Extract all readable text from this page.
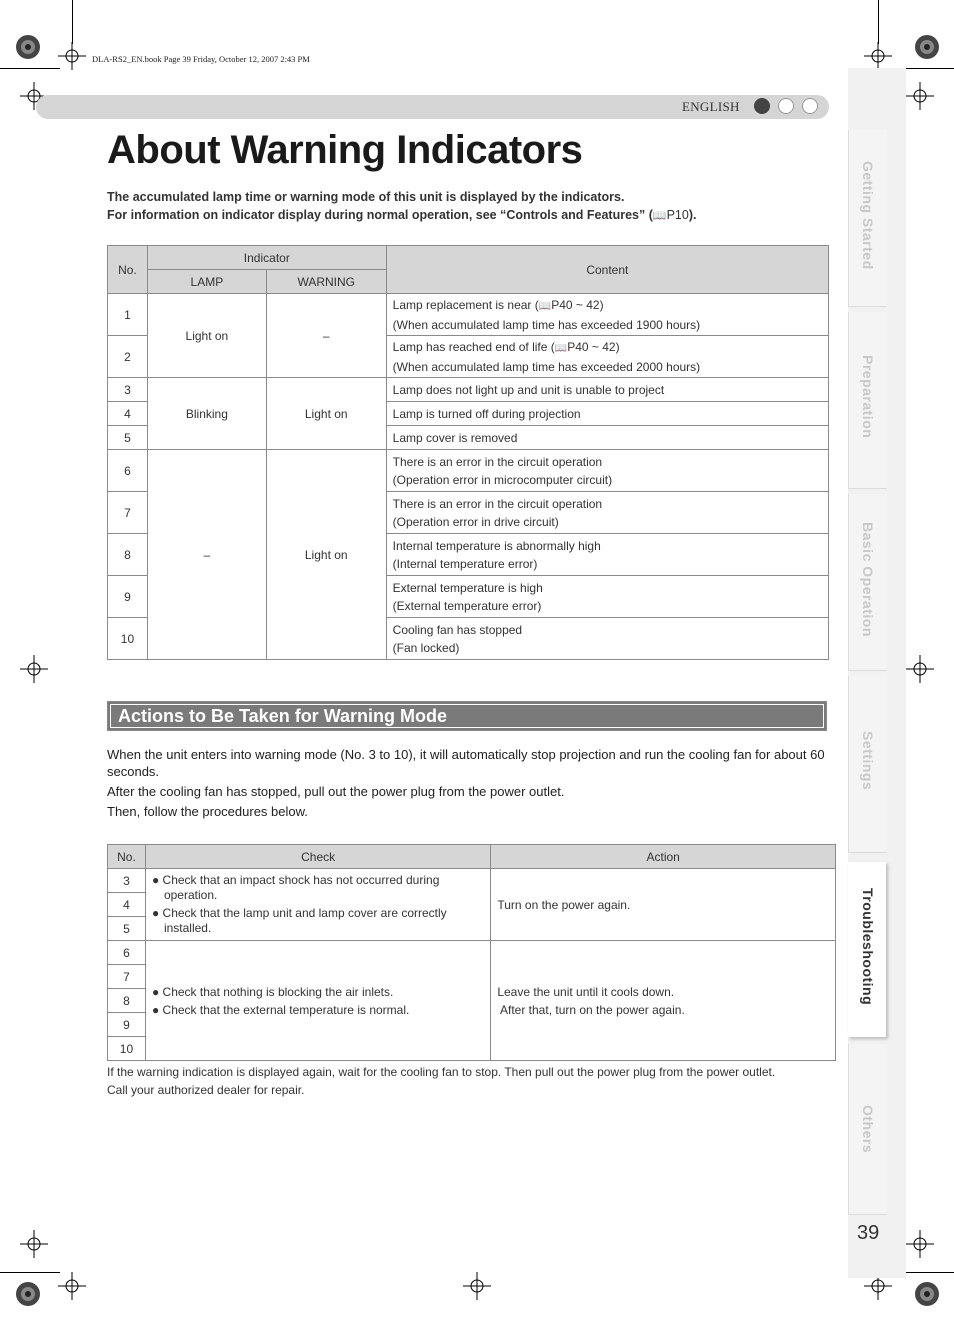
DLA-RS2_EN.book Page 39 Friday, October 12, 2007 2:43 PM
ENGLISH
About Warning Indicators
The accumulated lamp time or warning mode of this unit is displayed by the indicators.
For information on indicator display during normal operation, see “Controls and Features” (📖P10).
No.	Indicator		Content
	LAMP	WARNING	
1	Light on	–	Lamp replacement is near (📖P40 ~ 42)
(When accumulated lamp time has exceeded 1900 hours)
2			Lamp has reached end of life (📖P40 ~ 42)
(When accumulated lamp time has exceeded 2000 hours)
3	Blinking	Light on	Lamp does not light up and unit is unable to project
4			Lamp is turned off during projection
5			Lamp cover is removed
6	–	Light on	There is an error in the circuit operation
(Operation error in microcomputer circuit)
7			There is an error in the circuit operation
(Operation error in drive circuit)
8			Internal temperature is abnormally high
(Internal temperature error)
9			External temperature is high
(External temperature error)
10			Cooling fan has stopped
(Fan locked)
Actions to Be Taken for Warning Mode
When the unit enters into warning mode (No. 3 to 10), it will automatically stop projection and run the cooling fan for about 60 seconds.
After the cooling fan has stopped, pull out the power plug from the power outlet.
Then, follow the procedures below.
No.	Check	Action
3	● Check that an impact shock has not occurred during operation.
● Check that the lamp unit and lamp cover are correctly installed.	Turn on the power again.
4		
5		
6	● Check that nothing is blocking the air inlets.
● Check that the external temperature is normal.	Leave the unit until it cools down.
After that, turn on the power again.
7		
8		
9		
10		
If the warning indication is displayed again, wait for the cooling fan to stop. Then pull out the power plug from the power outlet.
Call your authorized dealer for repair.
Getting Started
Preparation
Basic Operation
Settings
Troubleshooting
Others
39
